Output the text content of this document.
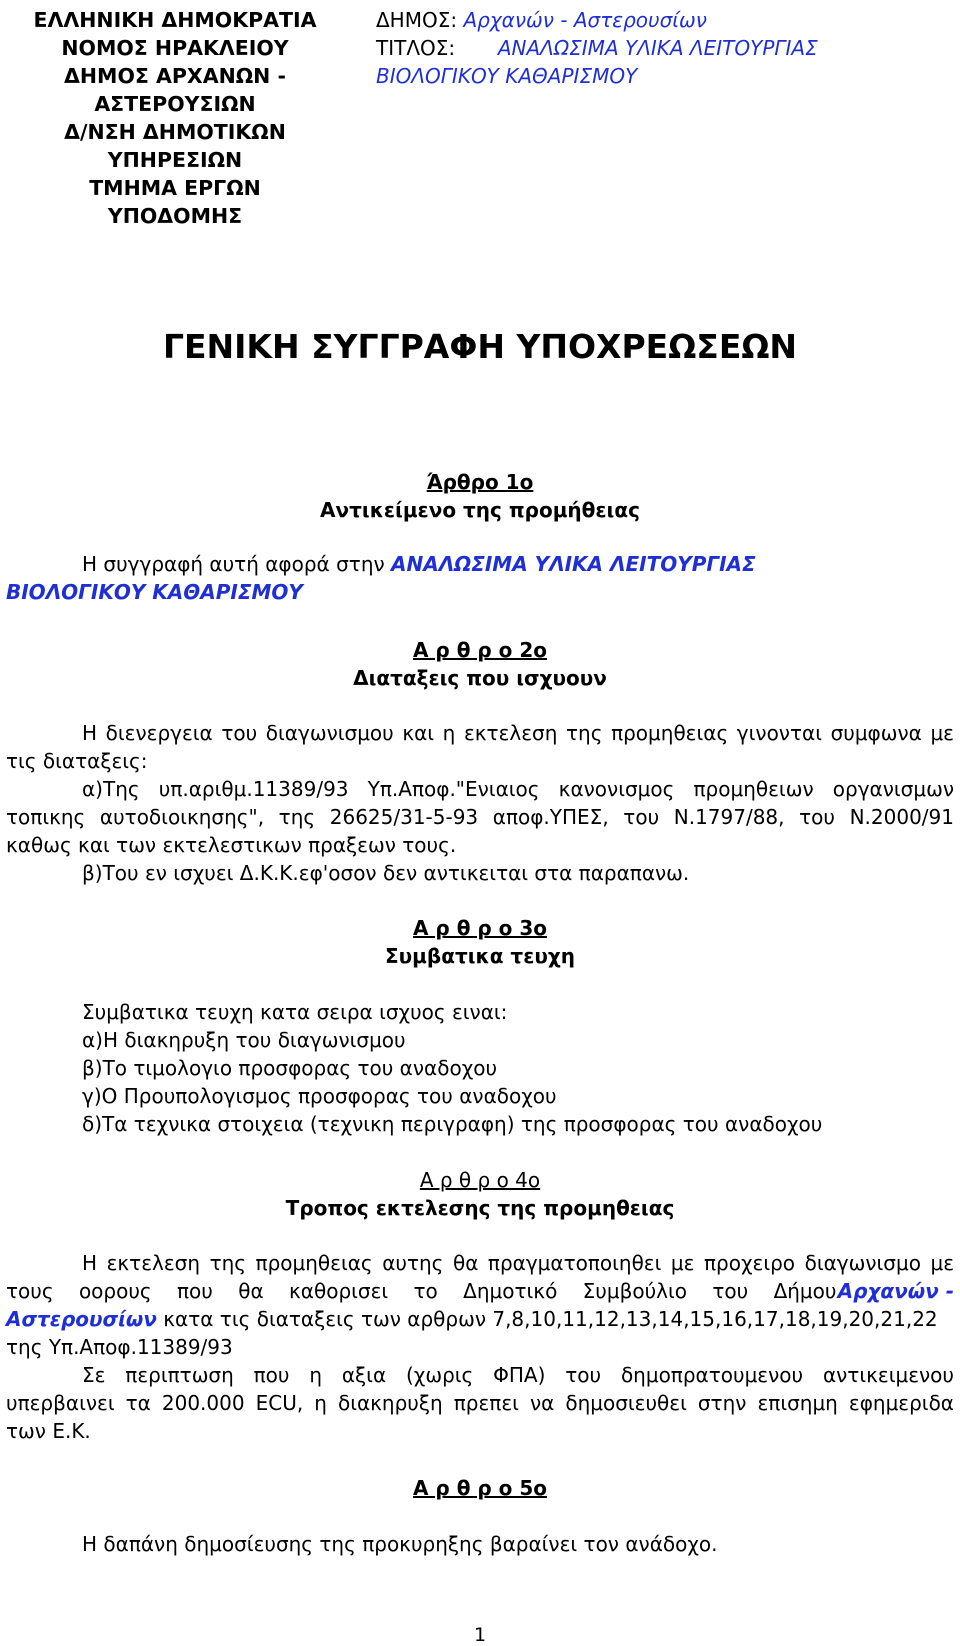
ΕΛΛΗΝΙΚΗ ΔΗΜΟΚΡΑΤΙΑ
ΝΟΜΟΣ ΗΡΑΚΛΕΙΟΥ
ΔΗΜΟΣ ΑΡΧΑΝΩΝ -
ΑΣΤΕΡΟΥΣΙΩΝ
Δ/ΝΣΗ ΔΗΜΟΤΙΚΩΝ
ΥΠΗΡΕΣΙΩΝ
ΤΜΗΜΑ ΕΡΓΩΝ
ΥΠΟΔΟΜΗΣ
ΔΗΜΟΣ: Αρχανών - Αστερουσίων
ΤΙΤΛΟΣ: ΑΝΑΛΩΣΙΜΑ ΥΛΙΚΑ ΛΕΙΤΟΥΡΓΙΑΣ
ΒΙΟΛΟΓΙΚΟΥ ΚΑΘΑΡΙΣΜΟΥ
ΓΕΝΙΚΗ ΣΥΓΓΡΑΦΗ ΥΠΟΧΡΕΩΣΕΩΝ
Άρθρο 1ο
Αντικείμενο της προμήθειας
Η συγγραφή αυτή αφορά στην ΑΝΑΛΩΣΙΜΑ ΥΛΙΚΑ ΛΕΙΤΟΥΡΓΙΑΣ
ΒΙΟΛΟΓΙΚΟΥ ΚΑΘΑΡΙΣΜΟΥ
Α ρ θ ρ ο 2ο
Διαταξεις που ισχυουν
Η διενεργεια του διαγωνισμου και η εκτελεση της προμηθειας γινονται συμφωνα με
τις διαταξεις:
α)Της υπ.αριθμ.11389/93 Υπ.Αποφ."Ενιαιος κανονισμος προμηθειων οργανισμων
τοπικης αυτοδιοικησης", της 26625/31-5-93 αποφ.ΥΠΕΣ, του Ν.1797/88, του Ν.2000/91
καθως και των εκτελεστικων πραξεων τους.
β)Του εν ισχυει Δ.Κ.Κ.εφ'οσον δεν αντικειται στα παραπανω.
Α ρ θ ρ ο 3ο
Συμβατικα τευχη
Συμβατικα τευχη κατα σειρα ισχυος ειναι:
α)Η διακηρυξη του διαγωνισμου
β)Το τιμολογιο προσφορας του αναδοχου
γ)Ο Προυπολογισμος προσφορας του αναδοχου
δ)Τα τεχνικα στοιχεια (τεχνικη περιγραφη) της προσφορας του αναδοχου
Α ρ θ ρ ο 4ο
Τροπος εκτελεσης της προμηθειας
Η εκτελεση της προμηθειας αυτης θα πραγματοποιηθει με προχειρο διαγωνισμο με
τους οορους που θα καθορισει το Δημοτικό Συμβούλιο του Δήμου Αρχανών -
Αστερουσίων κατα τις διαταξεις των αρθρων 7,8,10,11,12,13,14,15,16,17,18,19,20,21,22
της Υπ.Αποφ.11389/93
Σε περιπτωση που η αξια (χωρις ΦΠΑ) του δημοπρατουμενου αντικειμενου
υπερβαινει τα 200.000 ECU, η διακηρυξη πρεπει να δημοσιευθει στην επισημη εφημεριδα
των Ε.Κ.
Α ρ θ ρ ο 5ο
Η δαπάνη δημοσίευσης της προκυρηξης βαραίνει τον ανάδοχο.
1
